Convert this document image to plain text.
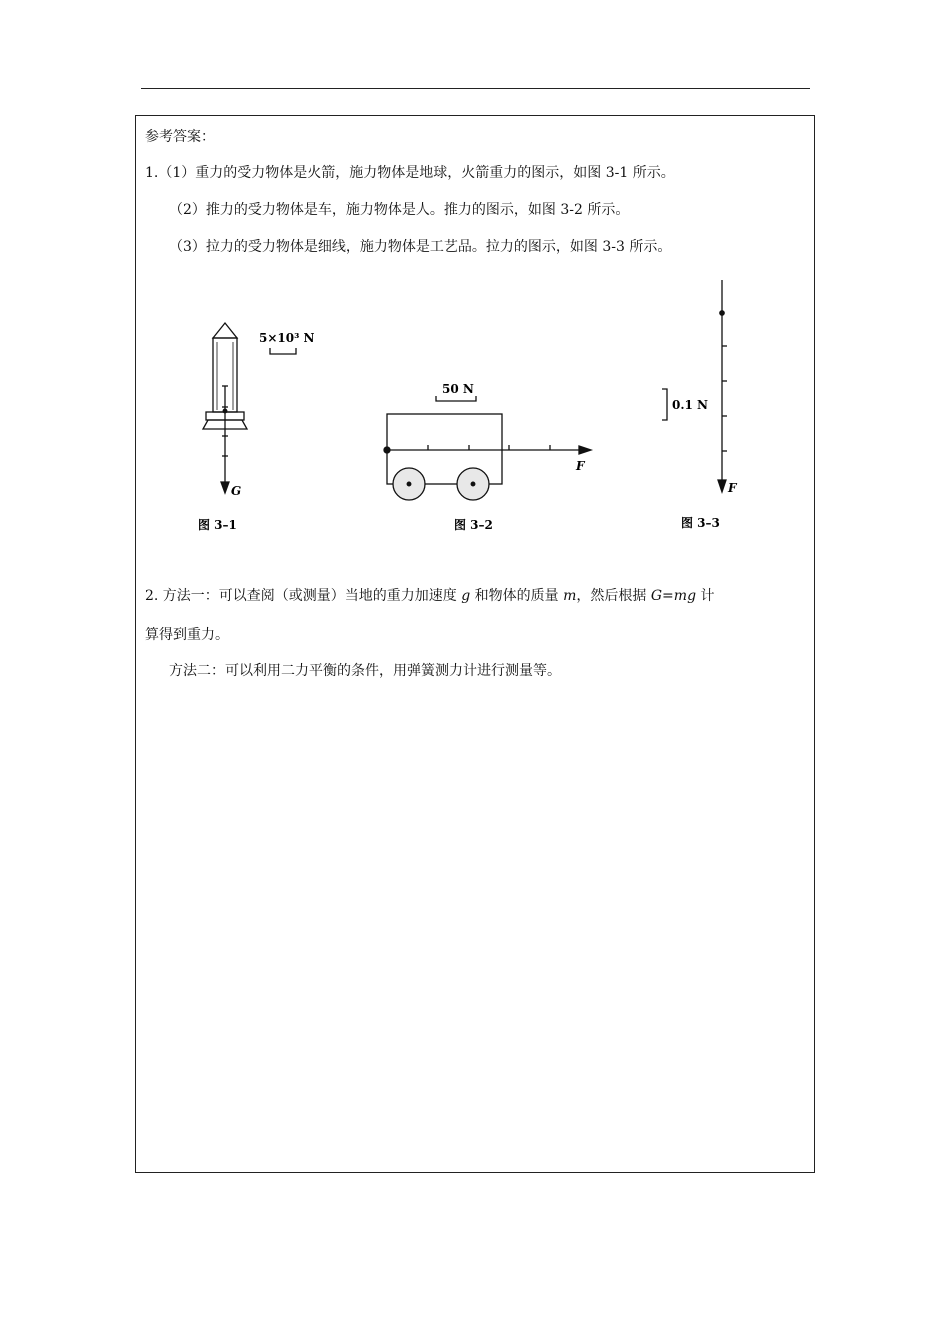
参考答案：
1.（1）重力的受力物体是火箭，施力物体是地球，火箭重力的图示，如图 3-1 所示。
（2）推力的受力物体是车，施力物体是人。推力的图示，如图 3-2 所示。
（3）拉力的受力物体是细线，施力物体是工艺品。拉力的图示，如图 3-3 所示。
5×10³ N
G
图 3–1
50 N
F
图 3–2
0.1 N
F
图 3–3
2. 方法一：可以查阅（或测量）当地的重力加速度 g 和物体的质量 m，然后根据 G=mg 计
算得到重力。
方法二：可以利用二力平衡的条件，用弹簧测力计进行测量等。
